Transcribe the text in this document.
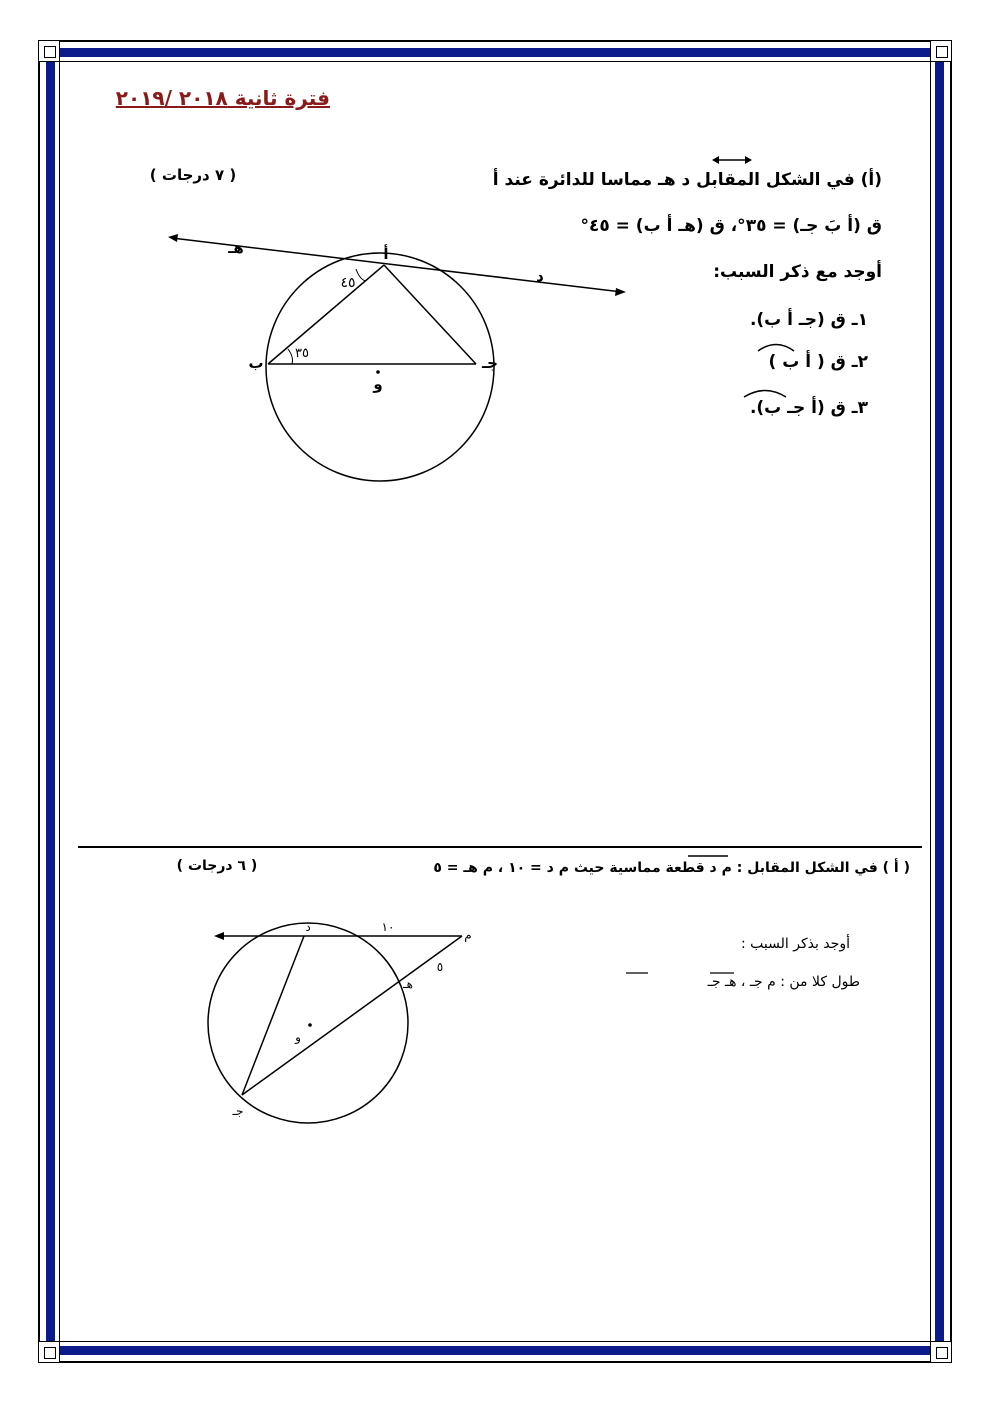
فترة ثانية ٢٠١٨ /٢٠١٩
(أ) في الشكل المقابل د هـ مماسا للدائرة عند أ
( ٧ درجات )
ق (أ بَ جـ) = ٣٥°، ق (هـ أ ب) = ٤٥°
أوجد مع ذكر السبب:
١ـ ق (جـ أ ب).
٢ـ ق ( أ ب )
٣ـ ق (أ جـ ب).
أ
ب	جـ
د
هـ
و
٤٥
٣٥
( أ ) في الشكل المقابل : م د قطعة مماسية حيث م د = ١٠ ، م هـ = ٥
( ٦ درجات )
أوجد بذكر السبب :
طول كلا من : م جـ ، هـ جـ
م
د	١٠
٥
هـ
جـ
و
